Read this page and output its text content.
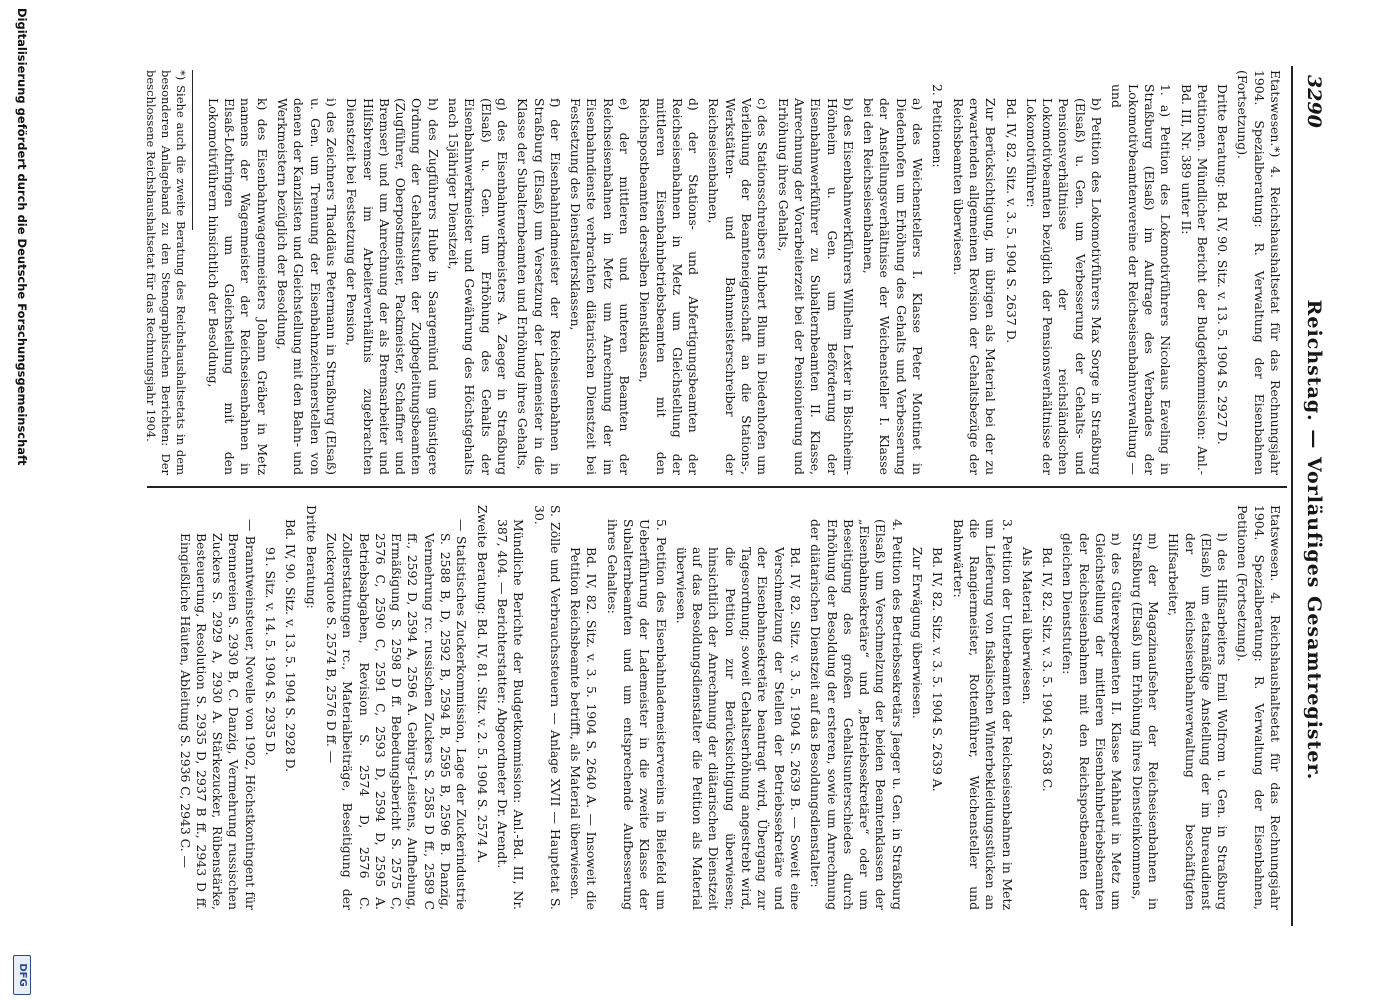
3290
Reichstag. — Vorläufiges Gesamtregister.

Etatswesen.*) 4. Reichshaushaltsetat für das Rechnungsjahr 1904. Spezialberatung: R. Verwaltung der Eisenbahnen (Fortsetzung).

Dritte Beratung: Bd. IV, 90. Sitz. v. 13. 5. 1904 S. 2927 D.

Petitionen. Mündlicher Bericht der Budgetkommission: Anl.-Bd. III, Nr. 389 unter II:

1. a) Petition des Lokomotivführers Nicolaus Eaveling in Straßburg (Elsaß) im Auftrage des Verbandes der Lokomotivbeamtenvereine der Reichseisenbahnverwaltung — und

b) Petition des Lokomotivführers Max Sorge in Straßburg (Elsaß) u. Gen. um Verbesserung der Gehalts- und Pensionsverhältnisse der reichsländischen Lokomotivbeamten bezüglich der Pensionsverhältnisse der Lokomotivführer:

Bd. IV, 82. Sitz. v. 3. 5. 1904 S. 2637 D.

Zur Berücksichtigung, im übrigen als Material bei der zu erwartenden allgemeinen Revision der Gehaltsbezüge der Reichsbeamten überwiesen.

2. Petitionen:

a) des Weichenstellers I. Klasse Peter Montinet in Diedenhofen um Erhöhung des Gehalts und Verbesserung der Anstellungsverhältnisse der Weichensteller I. Klasse bei den Reichseisenbahnen,

b) des Eisenbahnwerkführers Wilhelm Lexter in Bischheim-Hönheim u. Gen. um Beförderung der Eisenbahnwerkführer zu Subalternbeamten II. Klasse, Anrechnung der Vorarbeiterzeit bei der Pensionierung und Erhöhung ihres Gehalts,

c) des Stationsschreibers Hubert Blum in Diedenhofen um Verleihung der Beamteneigenschaft an die Stations-, Werkstätten- und Bahnmeisterschreiber der Reichseisenbahnen,

d) der Stations- und Abfertigungsbeamten der Reichseisenbahnen in Metz um Gleichstellung der mittleren Eisenbahnbetriebsbeamten mit den Reichspostbeamten derselben Dienstklassen,

e) der mittleren und unteren Beamten der Reichseisenbahnen in Metz um Anrechnung der im Eisenbahndienste verbrachten diätarischen Dienstzeit bei Festsetzung des Dienstaltersklassen,

f) der Eisenbahnladmeister der Reichseisenbahnen in Straßburg (Elsaß) um Versetzung der Lademeister in die Klasse der Subalternbeamten und Erhöhung ihres Gehalts,

g) des Eisenbahnwerkmeisters A. Zaeger in Straßburg (Elsaß) u. Gen. um Erhöhung des Gehalts der Eisenbahnwerkmeister und Gewährung des Höchstgehalts nach 15jähriger Dienstzeit,

h) des Zugführers Hube in Saargemünd um günstigere Ordnung der Gehaltsstufen der Zugbegleitungsbeamten (Zugführer, Oberpostmeister, Packmeister, Schaffner und Bremser) und um Anrechnung der als Bremsarbeiter und Hilfsbremser im Arbeiterverhältnis zugebrachten Dienstzeit bei Festsetzung der Pension,

i) des Zeichners Thaddäus Petermann in Straßburg (Elsaß) u. Gen. um Trennung der Eisenbahnzeichnerstellen von denen der Kanzlisten und Gleichstellung mit den Bahn- und Werkmeistern bezüglich der Besoldung,

k) des Eisenbahnwagenmeisters Johann Gräber in Metz namens der Wagenmeister der Reichseisenbahnen in Elsaß-Lothringen um Gleichstellung mit den Lokomotivführern hinsichtlich der Besoldung,

*) Siehe auch die zweite Beratung des Reichshaushaltsetats in dem besonderen Anlageband zu den Stenographischen Berichten: Der beschlossene Reichshaushaltsetat für das Rechnungsjahr 1904.

Etatswesen. 4. Reichshaushaltsetat für das Rechnungsjahr 1904. Spezialberatung: R. Verwaltung der Eisenbahnen, Petitionen (Fortsetzung).

l) des Hilfsarbeiters Emil Wolfrom u. Gen. in Straßburg (Elsaß) um etatsmäßige Anstellung der im Bureaudienst der Reichseisenbahnverwaltung beschäftigten Hilfsarbeiter,

m) der Magazinaufseher der Reichseisenbahnen in Straßburg (Elsaß) um Erhöhung ihres Diensteinkommens,

n) des Güterexpedienten II. Klasse Mahhaut in Metz um Gleichstellung der mittleren Eisenbahnbetriebsbeamten der Reichseisenbahnen mit den Reichspostbeamten der gleichen Dienststufen:

Bd. IV, 82. Sitz. v. 3. 5. 1904 S. 2638 C.

Als Material überwiesen.

3. Petition der Unterbeamten der Reichseisenbahnen in Metz um Lieferung von fiskalischen Winterbekleidungsstücken an die Rangiermeister, Rottenführer, Weichensteller und Bahnwärter:

Bd. IV, 82. Sitz. v. 3. 5. 1904 S. 2639 A.

Zur Erwägung überwiesen.

4. Petition des Betriebssekretärs Jaeger u. Gen. in Straßburg (Elsaß) um Verschmelzung der beiden Beamtenklassen der „Eisenbahnsekretäre“ und „Betriebssekretäre“ oder um Beseitigung des großen Gehaltsunterschiedes durch Erhöhung der Besoldung der ersteren, sowie um Anrechnung der diätarischen Dienstzeit auf das Besoldungsdienstalter:

Bd. IV, 82. Sitz. v. 3. 5. 1904 S. 2639 B. — Soweit eine Verschmelzung der Stellen der Betriebssekretäre und der Eisenbahnsekretäre beantragt wird, Übergang zur Tagesordnung; soweit Gehaltserhöhung angestrebt wird, die Petition zur Berücksichtigung überwiesen; hinsichtlich der Anrechnung der diätarischen Dienstzeit auf das Besoldungsdienstalter die Petition als Material überwiesen.

5. Petition des Eisenbahnlademeistervereins in Bielefeld um Ueberführung der Lademeister in die zweite Klasse der Subalternbeamten und um entsprechende Aufbesserung ihres Gehaltes:

Bd. IV, 82. Sitz. v. 3. 5. 1904 S. 2640 A. — Insoweit die Petition Reichsbeamte betrifft, als Material überwiesen.

S. Zölle und Verbrauchssteuern — Anlage XVII — Hauptetat S. 30.

Mündliche Berichte der Budgetkommission: Anl.-Bd. III, Nr. 387, 404. — Berichterstatter: Abgeordneter Dr. Arendt.

Zweite Beratung: Bd. IV, 81. Sitz. v. 2. 5. 1904 S. 2574 A.

— Statistisches Zuckerkommission, Lage der Zuckerindustrie S. 2588 B, D, 2592 B, 2594 B, 2595 B, 2596 B. Danzig, Vermehrung rc. russischen Zuckers S. 2585 D ff., 2589 C ff., 2592 D, 2594 A, 2596 A. Gebirgs-Leistens, Aufhebung, Ermäßigung S. 2598 D ff. Bebedungsbericht S. 2575 C, 2576 C, 2590 C, 2591 C, 2593 D, 2594 D, 2595 A. Betriebsabgaben, Revision S. 2574 D, 2576 C. Zollerstattungen rc., Materialbeiträge, Beseitigung der Zuckerquote S. 2574 B, 2576 D ff. —

Dritte Beratung:

Bd. IV, 90. Sitz. v. 13. 5. 1904 S. 2928 D.

91. Sitz. v. 14. 5. 1904 S. 2935 D.

— Branntweinsteuer, Novelle von 1902, Höchstkontingent für Brennereien S. 2930 B, C. Danzig, Vermehrung russischen Zuckers S. 2929 A, 2930 A. Stärkezucker, Rübenstärke, Besteuerung, Resolution S. 2935 D, 2937 B ff., 2943 D ff. Eingießliche Häuten, Ableitung S. 2936 C, 2943 C. —

Digitalisierung gefördert durch die Deutsche Forschungsgemeinschaft
DFG
